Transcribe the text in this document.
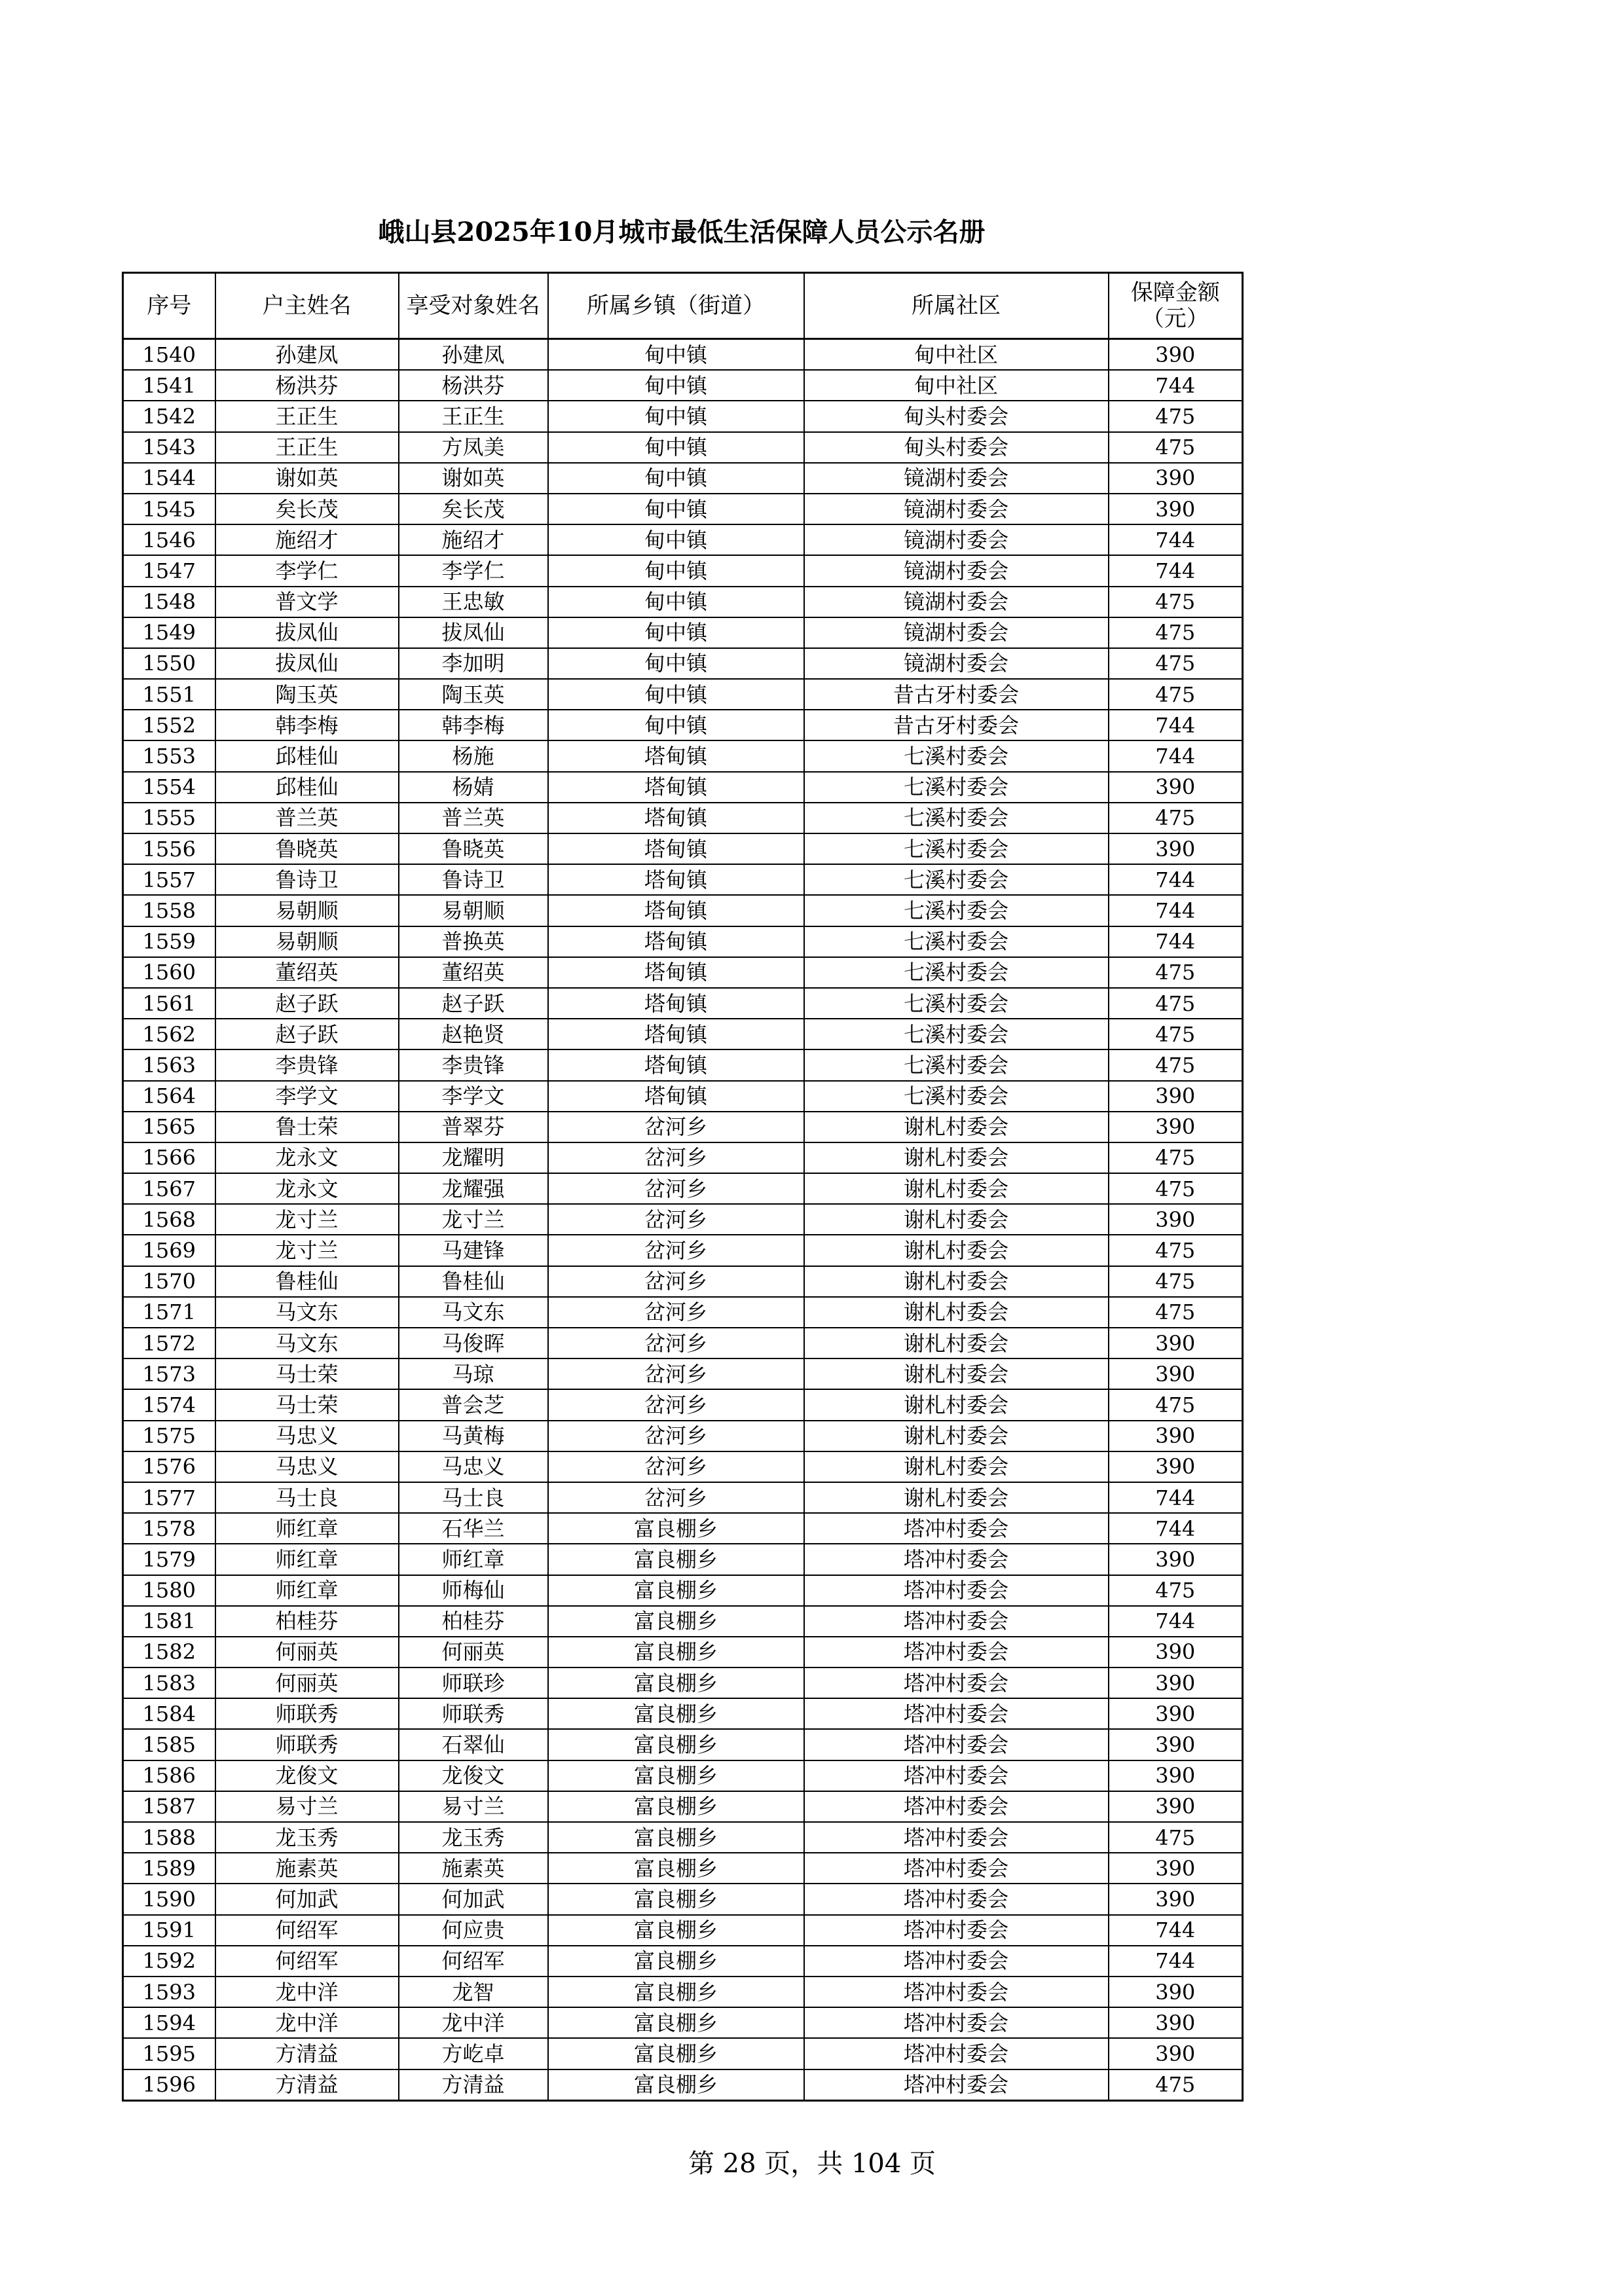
峨山县2025年10月城市最低生活保障人员公示名册
序号	户主姓名	享受对象姓名	所属乡镇（街道）	所属社区	保障金额
（元）

1540	孙建凤	孙建凤	甸中镇	甸中社区	390
1541	杨洪芬	杨洪芬	甸中镇	甸中社区	744
1542	王正生	王正生	甸中镇	甸头村委会	475
1543	王正生	方凤美	甸中镇	甸头村委会	475
1544	谢如英	谢如英	甸中镇	镜湖村委会	390
1545	矣长茂	矣长茂	甸中镇	镜湖村委会	390
1546	施绍才	施绍才	甸中镇	镜湖村委会	744
1547	李学仁	李学仁	甸中镇	镜湖村委会	744
1548	普文学	王忠敏	甸中镇	镜湖村委会	475
1549	拔凤仙	拔凤仙	甸中镇	镜湖村委会	475
1550	拔凤仙	李加明	甸中镇	镜湖村委会	475
1551	陶玉英	陶玉英	甸中镇	昔古牙村委会	475
1552	韩李梅	韩李梅	甸中镇	昔古牙村委会	744
1553	邱桂仙	杨施	塔甸镇	七溪村委会	744
1554	邱桂仙	杨婧	塔甸镇	七溪村委会	390
1555	普兰英	普兰英	塔甸镇	七溪村委会	475
1556	鲁晓英	鲁晓英	塔甸镇	七溪村委会	390
1557	鲁诗卫	鲁诗卫	塔甸镇	七溪村委会	744
1558	易朝顺	易朝顺	塔甸镇	七溪村委会	744
1559	易朝顺	普换英	塔甸镇	七溪村委会	744
1560	董绍英	董绍英	塔甸镇	七溪村委会	475
1561	赵子跃	赵子跃	塔甸镇	七溪村委会	475
1562	赵子跃	赵艳贤	塔甸镇	七溪村委会	475
1563	李贵锋	李贵锋	塔甸镇	七溪村委会	475
1564	李学文	李学文	塔甸镇	七溪村委会	390
1565	鲁士荣	普翠芬	岔河乡	谢札村委会	390
1566	龙永文	龙耀明	岔河乡	谢札村委会	475
1567	龙永文	龙耀强	岔河乡	谢札村委会	475
1568	龙寸兰	龙寸兰	岔河乡	谢札村委会	390
1569	龙寸兰	马建锋	岔河乡	谢札村委会	475
1570	鲁桂仙	鲁桂仙	岔河乡	谢札村委会	475
1571	马文东	马文东	岔河乡	谢札村委会	475
1572	马文东	马俊晖	岔河乡	谢札村委会	390
1573	马士荣	马琼	岔河乡	谢札村委会	390
1574	马士荣	普会芝	岔河乡	谢札村委会	475
1575	马忠义	马黄梅	岔河乡	谢札村委会	390
1576	马忠义	马忠义	岔河乡	谢札村委会	390
1577	马士良	马士良	岔河乡	谢札村委会	744
1578	师红章	石华兰	富良棚乡	塔冲村委会	744
1579	师红章	师红章	富良棚乡	塔冲村委会	390
1580	师红章	师梅仙	富良棚乡	塔冲村委会	475
1581	柏桂芬	柏桂芬	富良棚乡	塔冲村委会	744
1582	何丽英	何丽英	富良棚乡	塔冲村委会	390
1583	何丽英	师联珍	富良棚乡	塔冲村委会	390
1584	师联秀	师联秀	富良棚乡	塔冲村委会	390
1585	师联秀	石翠仙	富良棚乡	塔冲村委会	390
1586	龙俊文	龙俊文	富良棚乡	塔冲村委会	390
1587	易寸兰	易寸兰	富良棚乡	塔冲村委会	390
1588	龙玉秀	龙玉秀	富良棚乡	塔冲村委会	475
1589	施素英	施素英	富良棚乡	塔冲村委会	390
1590	何加武	何加武	富良棚乡	塔冲村委会	390
1591	何绍军	何应贵	富良棚乡	塔冲村委会	744
1592	何绍军	何绍军	富良棚乡	塔冲村委会	744
1593	龙中洋	龙智	富良棚乡	塔冲村委会	390
1594	龙中洋	龙中洋	富良棚乡	塔冲村委会	390
1595	方清益	方屹卓	富良棚乡	塔冲村委会	390
1596	方清益	方清益	富良棚乡	塔冲村委会	475
第 28 页，共 104 页
